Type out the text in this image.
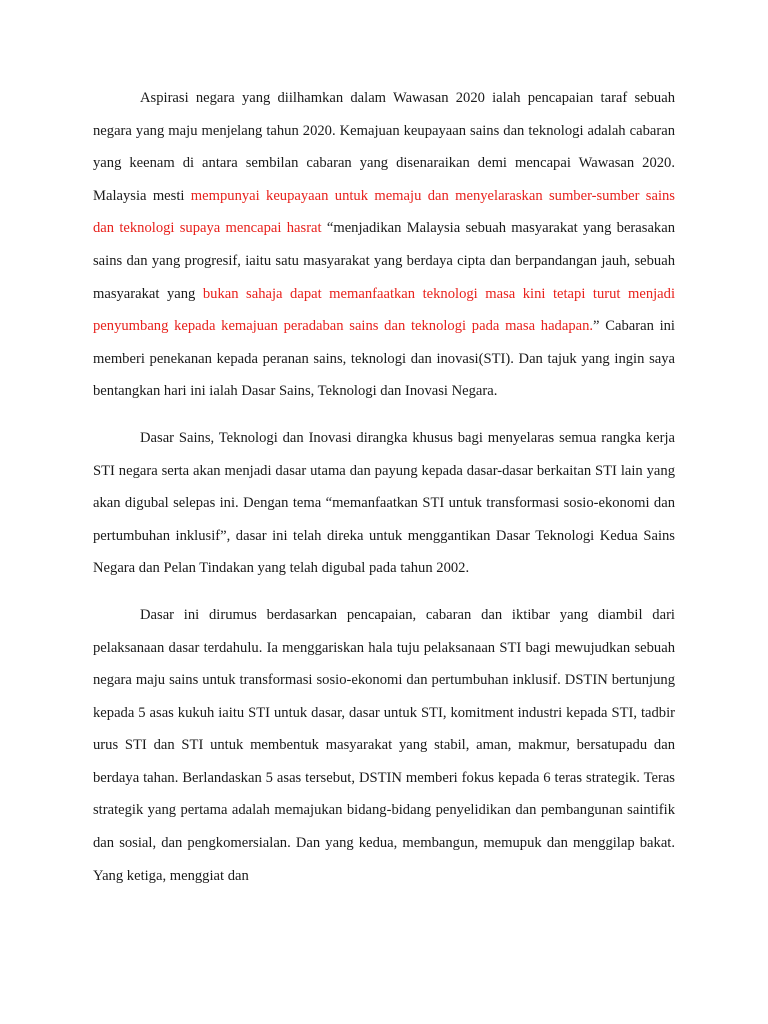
Aspirasi negara yang diilhamkan dalam Wawasan 2020 ialah pencapaian taraf sebuah negara yang maju menjelang tahun 2020. Kemajuan keupayaan sains dan teknologi adalah cabaran yang keenam di antara sembilan cabaran yang disenaraikan demi mencapai Wawasan 2020. Malaysia mesti mempunyai keupayaan untuk memaju dan menyelaraskan sumber-sumber sains dan teknologi supaya mencapai hasrat “menjadikan Malaysia sebuah masyarakat yang berasakan sains dan yang progresif, iaitu satu masyarakat yang berdaya cipta dan berpandangan jauh, sebuah masyarakat yang bukan sahaja dapat memanfaatkan teknologi masa kini tetapi turut menjadi penyumbang kepada kemajuan peradaban sains dan teknologi pada masa hadapan.” Cabaran ini memberi penekanan kepada peranan sains, teknologi dan inovasi(STI). Dan tajuk yang ingin saya bentangkan hari ini ialah Dasar Sains, Teknologi dan Inovasi Negara.

Dasar Sains, Teknologi dan Inovasi dirangka khusus bagi menyelaras semua rangka kerja STI negara serta akan menjadi dasar utama dan payung kepada dasar-dasar berkaitan STI lain yang akan digubal selepas ini. Dengan tema “memanfaatkan STI untuk transformasi sosio-ekonomi dan pertumbuhan inklusif”, dasar ini telah direka untuk menggantikan Dasar Teknologi Kedua Sains Negara dan Pelan Tindakan yang telah digubal pada tahun 2002.

Dasar ini dirumus berdasarkan pencapaian, cabaran dan iktibar yang diambil dari pelaksanaan dasar terdahulu. Ia menggariskan hala tuju pelaksanaan STI bagi mewujudkan sebuah negara maju sains untuk transformasi sosio-ekonomi dan pertumbuhan inklusif. DSTIN bertunjung kepada 5 asas kukuh iaitu STI untuk dasar, dasar untuk STI, komitment industri kepada STI, tadbir urus STI dan STI untuk membentuk masyarakat yang stabil, aman, makmur, bersatupadu dan berdaya tahan. Berlandaskan 5 asas tersebut, DSTIN memberi fokus kepada 6 teras strategik. Teras strategik yang pertama adalah memajukan bidang-bidang penyelidikan dan pembangunan saintifik dan sosial, dan pengkomersialan. Dan yang kedua, membangun, memupuk dan menggilap bakat. Yang ketiga, menggiat dan
